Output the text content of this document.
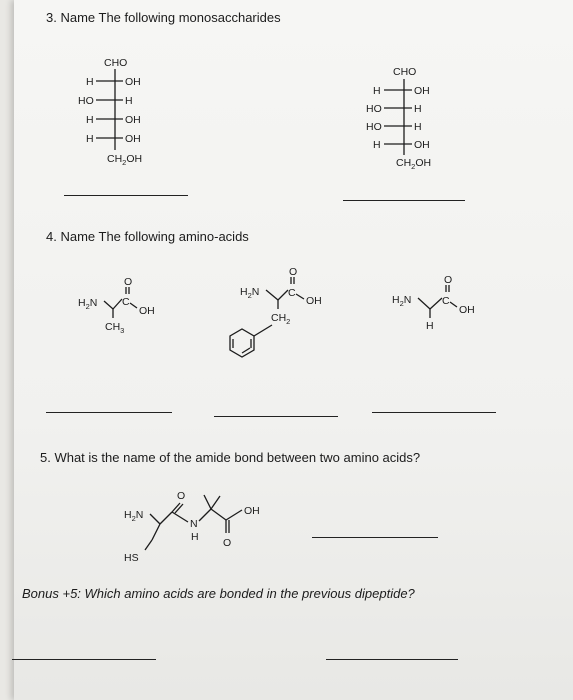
3. Name The following monosaccharides
4. Name The following amino-acids
5. What is the name of the amide bond between two amino acids?
Bonus +5: Which amino acids are bonded in the previous dipeptide?
CHO
H	OH
HO	H
H	OH
H	OH
$CH_2OH$
CHO
H	OH
HO	H
HO	H
H	OH
$CH_2OH$
$H_2N$
O
C
OH
$CH_3$
$H_2N$
O
C
OH
$CH_2$
$H_2N$
O
C
OH
H
$H_2N$
HS
O
N
H O
OH
